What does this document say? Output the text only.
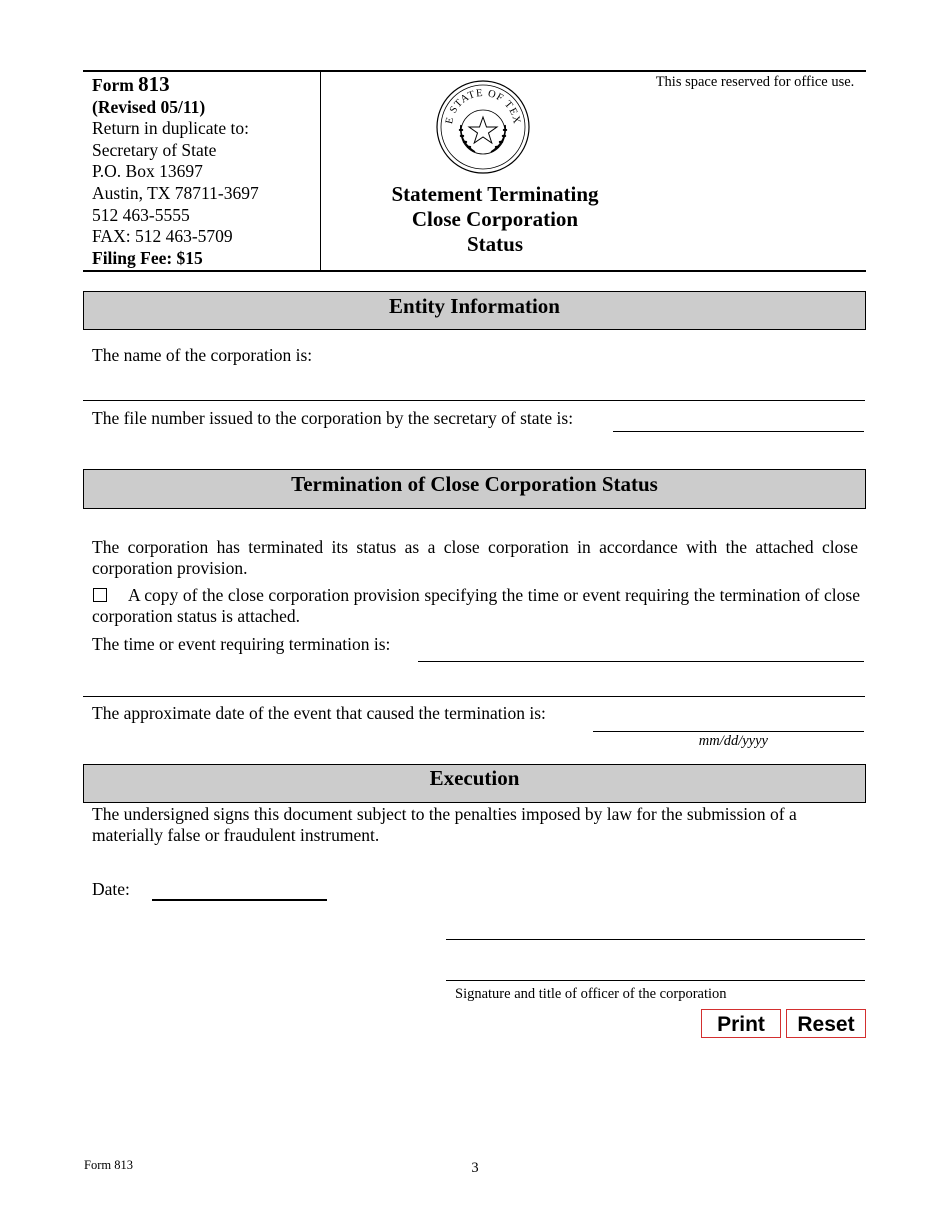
Form 813
(Revised 05/11)
Return in duplicate to:
Secretary of State
P.O. Box 13697
Austin, TX 78711-3697
512 463-5555
FAX: 512 463-5709
Filing Fee: $15
E STATE OF TEX
Statement Terminating
Close Corporation
Status
This space reserved for office use.
Entity Information
The name of the corporation is:
The file number issued to the corporation by the secretary of state is:
Termination of Close Corporation Status
The corporation has terminated its status as a close corporation in accordance with the attached close corporation provision.
A copy of the close corporation provision specifying the time or event requiring the termination of close corporation status is attached.
The time or event requiring termination is:
The approximate date of the event that caused the termination is:
mm/dd/yyyy
Execution
The undersigned signs this document subject to the penalties imposed by law for the submission of a materially false or fraudulent instrument.
Date:
Signature and title of officer of the corporation
Print	Reset
Form 813	3
